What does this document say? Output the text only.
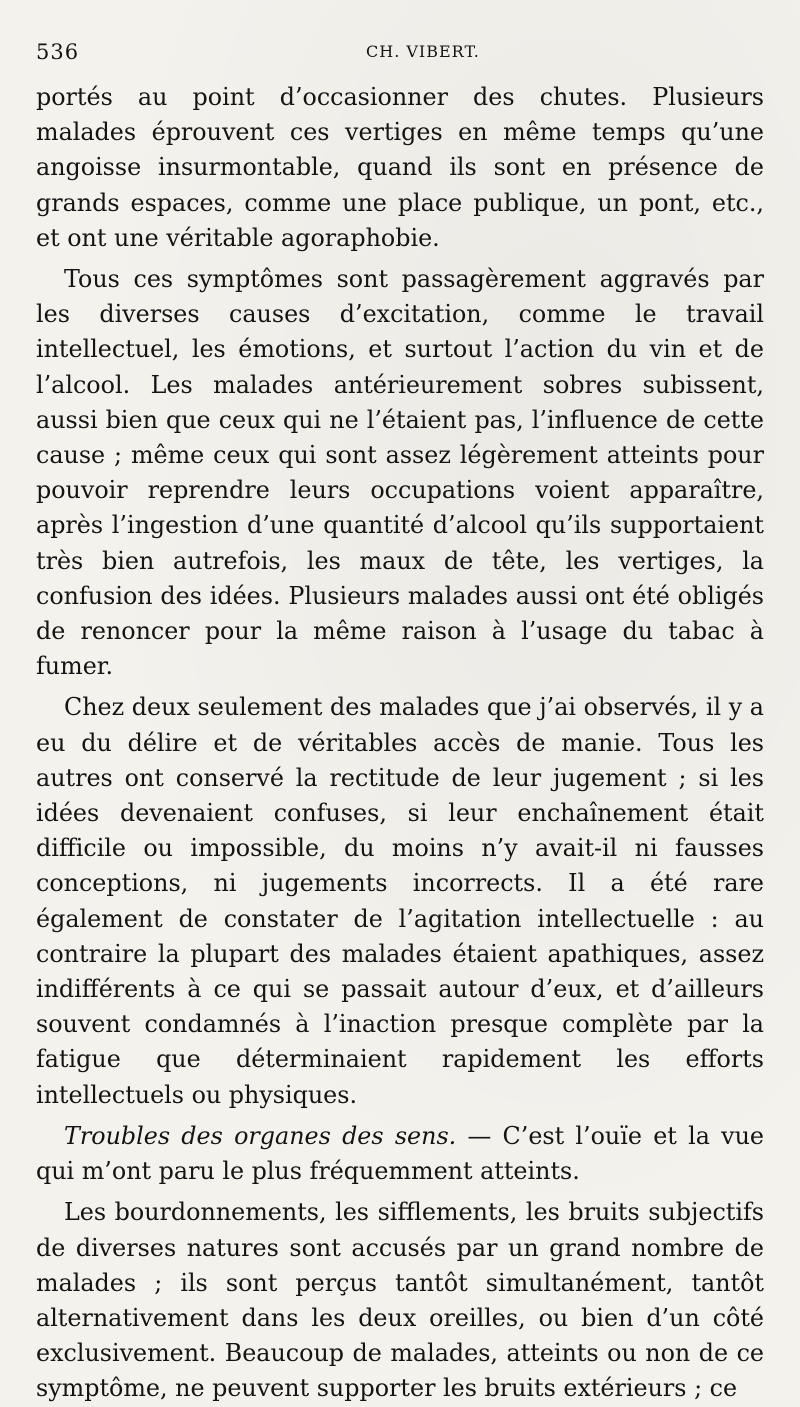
536	CH. VIBERT.

portés au point d’occasionner des chutes. Plusieurs malades éprouvent ces vertiges en même temps qu’une angoisse insurmontable, quand ils sont en présence de grands espaces, comme une place publique, un pont, etc., et ont une véritable agoraphobie.

Tous ces symptômes sont passagèrement aggravés par les diverses causes d’excitation, comme le travail intellectuel, les émotions, et surtout l’action du vin et de l’alcool. Les malades antérieurement sobres subissent, aussi bien que ceux qui ne l’étaient pas, l’influence de cette cause ; même ceux qui sont assez légèrement atteints pour pouvoir reprendre leurs occupations voient apparaître, après l’ingestion d’une quantité d’alcool qu’ils supportaient très bien autrefois, les maux de tête, les vertiges, la confusion des idées. Plusieurs malades aussi ont été obligés de renoncer pour la même raison à l’usage du tabac à fumer.

Chez deux seulement des malades que j’ai observés, il y a eu du délire et de véritables accès de manie. Tous les autres ont conservé la rectitude de leur jugement ; si les idées devenaient confuses, si leur enchaînement était difficile ou impossible, du moins n’y avait-il ni fausses conceptions, ni jugements incorrects. Il a été rare également de constater de l’agitation intellectuelle : au contraire la plupart des malades étaient apathiques, assez indifférents à ce qui se passait autour d’eux, et d’ailleurs souvent condamnés à l’inaction presque complète par la fatigue que déterminaient rapidement les efforts intellectuels ou physiques.

Troubles des organes des sens. — C’est l’ouïe et la vue qui m’ont paru le plus fréquemment atteints.

Les bourdonnements, les sifflements, les bruits subjectifs de diverses natures sont accusés par un grand nombre de malades ; ils sont perçus tantôt simultanément, tantôt alternativement dans les deux oreilles, ou bien d’un côté exclusivement. Beaucoup de malades, atteints ou non de ce symptôme, ne peuvent supporter les bruits extérieurs ; ce
